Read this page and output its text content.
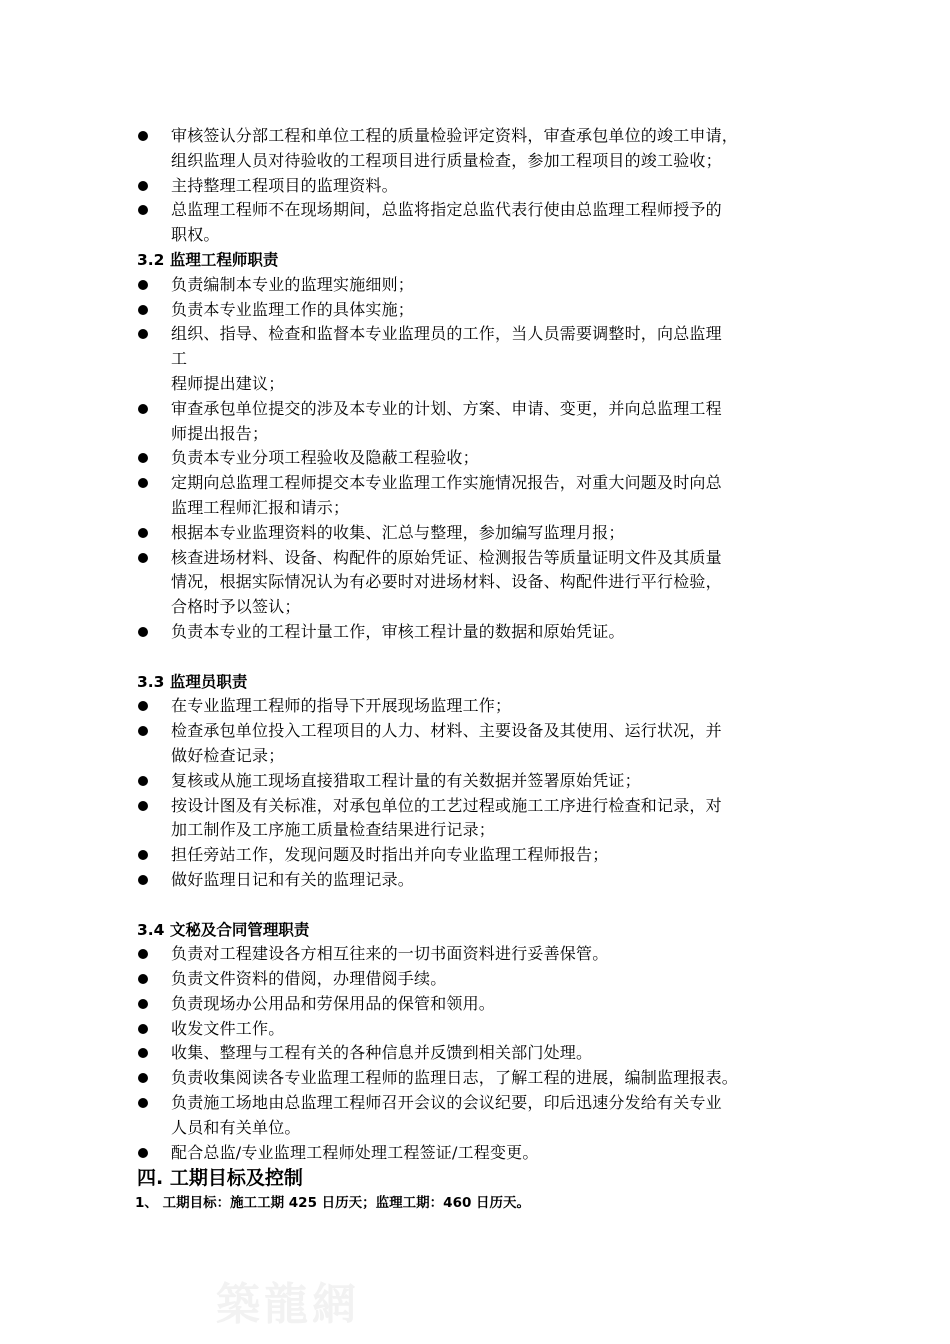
审核签认分部工程和单位工程的质量检验评定资料，审查承包单位的竣工申请，
组织监理人员对待验收的工程项目进行质量检查，参加工程项目的竣工验收；
主持整理工程项目的监理资料。
总监理工程师不在现场期间，总监将指定总监代表行使由总监理工程师授予的
职权。

3.2 监理工程师职责

负责编制本专业的监理实施细则；
负责本专业监理工作的具体实施；
组织、指导、检查和监督本专业监理员的工作，当人员需要调整时，向总监理
工
程师提出建议；
审查承包单位提交的涉及本专业的计划、方案、申请、变更，并向总监理工程
师提出报告；
负责本专业分项工程验收及隐蔽工程验收；
定期向总监理工程师提交本专业监理工作实施情况报告，对重大问题及时向总
监理工程师汇报和请示；
根据本专业监理资料的收集、汇总与整理，参加编写监理月报；
核查进场材料、设备、构配件的原始凭证、检测报告等质量证明文件及其质量
情况，根据实际情况认为有必要时对进场材料、设备、构配件进行平行检验，
合格时予以签认；
负责本专业的工程计量工作，审核工程计量的数据和原始凭证。

3.3 监理员职责

在专业监理工程师的指导下开展现场监理工作；
检查承包单位投入工程项目的人力、材料、主要设备及其使用、运行状况，并
做好检查记录；
复核或从施工现场直接猎取工程计量的有关数据并签署原始凭证；
按设计图及有关标准，对承包单位的工艺过程或施工工序进行检查和记录，对
加工制作及工序施工质量检查结果进行记录；
担任旁站工作，发现问题及时指出并向专业监理工程师报告；
做好监理日记和有关的监理记录。

3.4 文秘及合同管理职责

负责对工程建设各方相互往来的一切书面资料进行妥善保管。
负责文件资料的借阅，办理借阅手续。
负责现场办公用品和劳保用品的保管和领用。
收发文件工作。
收集、整理与工程有关的各种信息并反馈到相关部门处理。
负责收集阅读各专业监理工程师的监理日志，了解工程的进展，编制监理报表。
负责施工场地由总监理工程师召开会议的会议纪要，印后迅速分发给有关专业
人员和有关单位。
配合总监/专业监理工程师处理工程签证/工程变更。

四. 工期目标及控制

1、 工期目标：施工工期 425 日历天；监理工期：460 日历天。

築龍網
